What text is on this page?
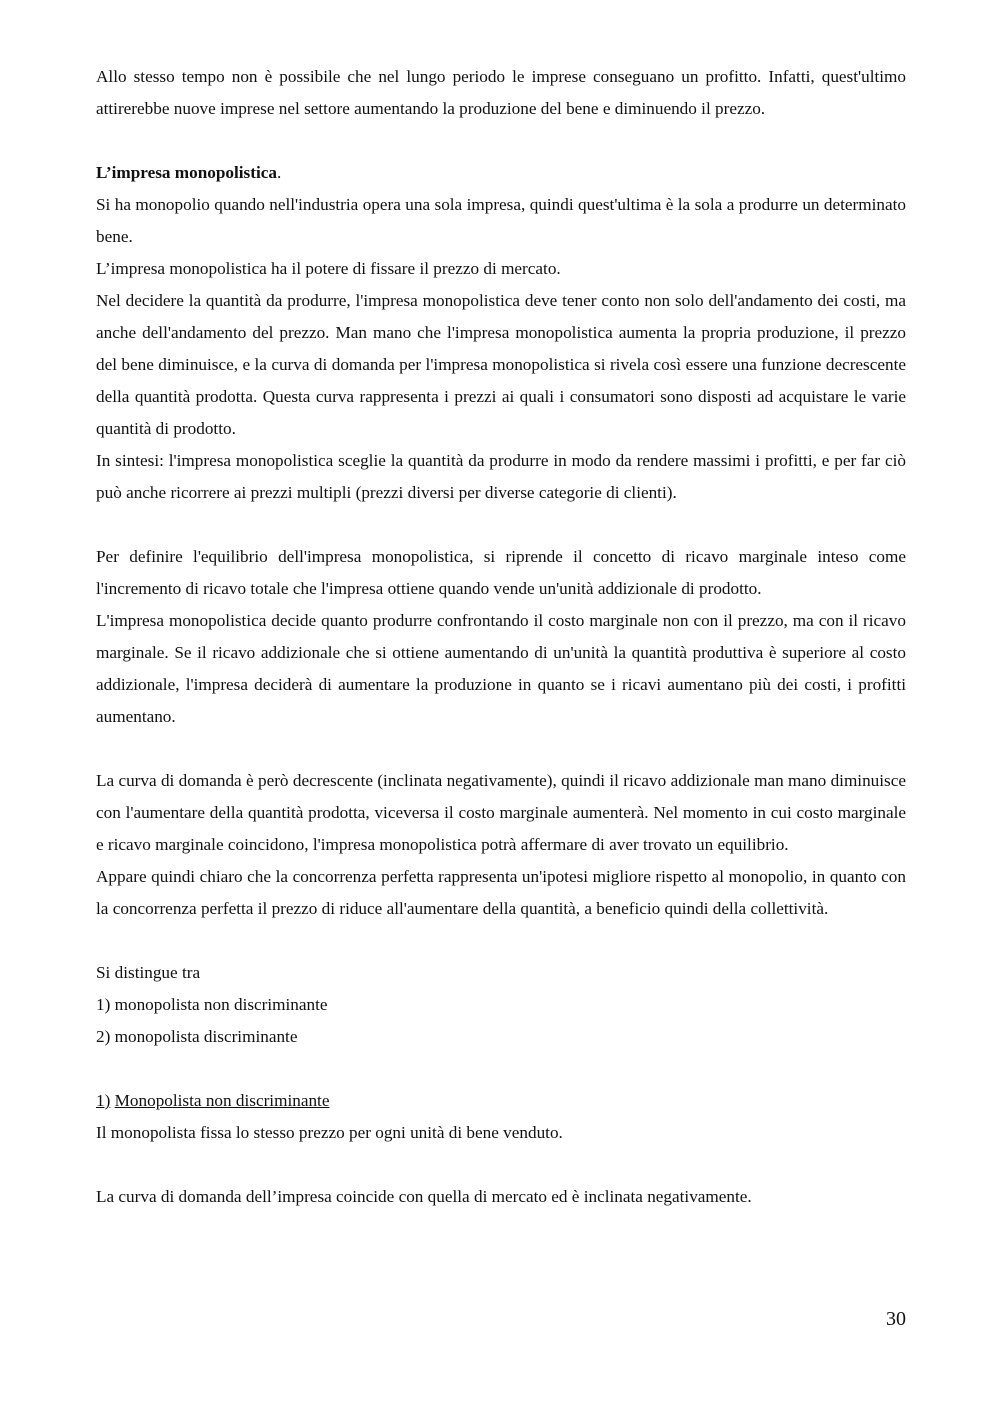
Allo stesso tempo non è possibile che nel lungo periodo le imprese conseguano un profitto. Infatti, quest'ultimo attirerebbe nuove imprese nel settore aumentando la produzione del bene e diminuendo il prezzo.

L’impresa monopolistica.

Si ha monopolio quando nell'industria opera una sola impresa, quindi quest'ultima è la sola a produrre un determinato bene.

L’impresa monopolistica ha il potere di fissare il prezzo di mercato.

Nel decidere la quantità da produrre, l'impresa monopolistica deve tener conto non solo dell'andamento dei costi, ma anche dell'andamento del prezzo. Man mano che l'impresa monopolistica aumenta la propria produzione, il prezzo del bene diminuisce, e la curva di domanda per l'impresa monopolistica si rivela così essere una funzione decrescente della quantità prodotta. Questa curva rappresenta i prezzi ai quali i consumatori sono disposti ad acquistare le varie quantità di prodotto.

In sintesi: l'impresa monopolistica sceglie la quantità da produrre in modo da rendere massimi i profitti, e per far ciò può anche ricorrere ai prezzi multipli (prezzi diversi per diverse categorie di clienti).

Per definire l'equilibrio dell'impresa monopolistica, si riprende il concetto di ricavo marginale inteso come l'incremento di ricavo totale che l'impresa ottiene quando vende un'unità addizionale di prodotto.

L'impresa monopolistica decide quanto produrre confrontando il costo marginale non con il prezzo, ma con il ricavo marginale. Se il ricavo addizionale che si ottiene aumentando di un'unità la quantità produttiva è superiore al costo addizionale, l'impresa deciderà di aumentare la produzione in quanto se i ricavi aumentano più dei costi, i profitti aumentano.

La curva di domanda è però decrescente (inclinata negativamente), quindi il ricavo addizionale man mano diminuisce con l'aumentare della quantità prodotta, viceversa il costo marginale aumenterà. Nel momento in cui costo marginale e ricavo marginale coincidono, l'impresa monopolistica potrà affermare di aver trovato un equilibrio.

Appare quindi chiaro che la concorrenza perfetta rappresenta un'ipotesi migliore rispetto al monopolio, in quanto con la concorrenza perfetta il prezzo di riduce all'aumentare della quantità, a beneficio quindi della collettività.

Si distingue tra

1) monopolista non discriminante

2) monopolista discriminante

1) Monopolista non discriminante

Il monopolista fissa lo stesso prezzo per ogni unità di bene venduto.

La curva di domanda dell’impresa coincide con quella di mercato ed è inclinata negativamente.

30
